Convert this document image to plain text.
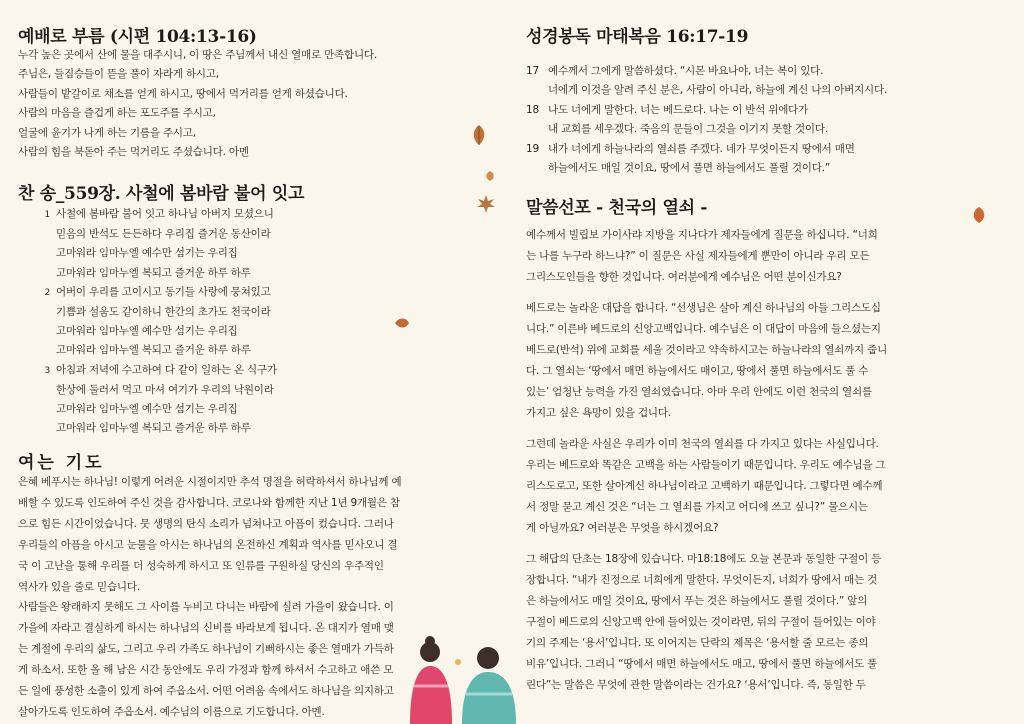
예배로 부름 (시편 104:13-16)
누각 높은 곳에서 산에 물을 대주시니, 이 땅은 주님께서 내신 열매로 만족합니다.
주님은, 들짐승들이 뜯을 풀이 자라게 하시고,
사람들이 밭갈이로 채소를 얻게 하시고, 땅에서 먹거리를 얻게 하셨습니다.
사람의 마음을 즐겁게 하는 포도주를 주시고,
얼굴에 윤기가 나게 하는 기름을 주시고,
사람의 힘을 북돋아 주는 먹거리도 주셨습니다. 아멘
찬 송_559장. 사철에 봄바람 불어 잇고
1 사철에 봄바람 불어 잇고 하나님 아버지 모셨으니
믿음의 반석도 든든하다 우리집 즐거운 동산이라
고마워라 임마누엘 예수만 섬기는 우리집
고마워라 임마누엘 복되고 즐거운 하루 하루
2 어버이 우리를 고이시고 동기들 사랑에 뭉쳐있고
기쁨과 설움도 같이하니 한간의 초가도 천국이라
고마워라 임마누엘 예수만 섬기는 우리집
고마워라 임마누엘 복되고 즐거운 하루 하루
3 아침과 저녁에 수고하여 다 같이 일하는 온 식구가
한상에 둘러서 먹고 마셔 여기가 우리의 낙원이라
고마워라 임마누엘 예수만 섬기는 우리집
고마워라 임마누엘 복되고 즐거운 하루 하루
여는 기도
은혜 베푸시는 하나님! 이렇게 어려운 시절이지만 추석 명절을 허락하셔서 하나님께 예
배할 수 있도록 인도하여 주신 것을 감사합니다. 코로나와 함께한 지난 1년 9개월은 참
으로 힘든 시간이었습니다. 뭇 생명의 탄식 소리가 넘쳐나고 아픔이 컸습니다. 그러나
우리들의 아픔을 아시고 눈물을 아시는 하나님의 온전하신 계획과 역사를 믿사오니 결
국 이 고난을 통해 우리를 더 성숙하게 하시고 또 인류를 구원하실 당신의 우주적인
역사가 있을 줄로 믿습니다.
사람들은 왕래하지 못해도 그 사이를 누비고 다니는 바람에 실려 가을이 왔습니다. 이
가을에 자라고 결실하게 하시는 하나님의 신비를 바라보게 됩니다. 온 대지가 열매 맺
는 계절에 우리의 삶도, 그리고 우리 가족도 하나님이 기뻐하시는 좋은 열매가 가득하
게 하소서. 또한 올 해 남은 시간 동안에도 우리 가정과 함께 하셔서 수고하고 애쓴 모
든 일에 풍성한 소출이 있게 하여 주옵소서. 어떤 어려움 속에서도 하나님을 의지하고
살아가도록 인도하여 주옵소서. 예수님의 이름으로 기도합니다. 아멘.
성경봉독 마태복음 16:17-19
17 예수께서 그에게 말씀하셨다. “시몬 바요나야, 너는 복이 있다.
너에게 이것을 알려 주신 분은, 사람이 아니라, 하늘에 계신 나의 아버지시다.
18 나도 너에게 말한다. 너는 베드로다. 나는 이 반석 위에다가
내 교회를 세우겠다. 죽음의 문들이 그것을 이기지 못할 것이다.
19 내가 너에게 하늘나라의 열쇠를 주겠다. 네가 무엇이든지 땅에서 매면
하늘에서도 매일 것이요, 땅에서 풀면 하늘에서도 풀릴 것이다.”
말씀선포 - 천국의 열쇠 -
예수께서 빌립보 가이사랴 지방을 지나다가 제자들에게 질문을 하십니다. “너희
는 나를 누구라 하느냐?” 이 질문은 사실 제자들에게 뿐만이 아니라 우리 모든
그리스도인들을 향한 것입니다. 여러분에게 예수님은 어떤 분이신가요?
베드로는 놀라운 대답을 합니다. “선생님은 살아 계신 하나님의 아들 그리스도십
니다.” 이른바 베드로의 신앙고백입니다. 예수님은 이 대답이 마음에 들으셨는지
베드로(반석) 위에 교회를 세울 것이라고 약속하시고는 하늘나라의 열쇠까지 줍니
다. 그 열쇠는 ‘땅에서 매면 하늘에서도 매이고, 땅에서 풀면 하늘에서도 풀 수
있는’ 엄청난 능력을 가진 열쇠였습니다. 아마 우리 안에도 이런 천국의 열쇠를
가지고 싶은 욕망이 있을 겁니다.
그런데 놀라운 사실은 우리가 이미 천국의 열쇠를 다 가지고 있다는 사실입니다.
우리는 베드로와 똑같은 고백을 하는 사람들이기 때문입니다. 우리도 예수님을 그
리스도로고, 또한 살아계신 하나님이라고 고백하기 때문입니다. 그렇다면 예수께
서 정말 묻고 계신 것은 “너는 그 열쇠를 가지고 어디에 쓰고 싶니?” 물으시는
게 아닐까요? 여러분은 무엇을 하시겠어요?
그 해답의 단초는 18장에 있습니다. 마18:18에도 오늘 본문과 동일한 구절이 등
장합니다. “내가 진정으로 너희에게 말한다. 무엇이든지, 너희가 땅에서 매는 것
은 하늘에서도 매일 것이요, 땅에서 푸는 것은 하늘에서도 풀릴 것이다.” 앞의
구절이 베드로의 신앙고백 안에 들어있는 것이라면, 뒤의 구절이 들어있는 이야
기의 주제는 ‘용서’입니다. 또 이어지는 단락의 제목은 ‘용서할 줄 모르는 종의
비유’입니다. 그러니 “땅에서 매면 하늘에서도 매고, 땅에서 풀면 하늘에서도 풀
린다”는 말씀은 무엇에 관한 말씀이라는 건가요? ‘용서’입니다. 즉, 동일한 두
